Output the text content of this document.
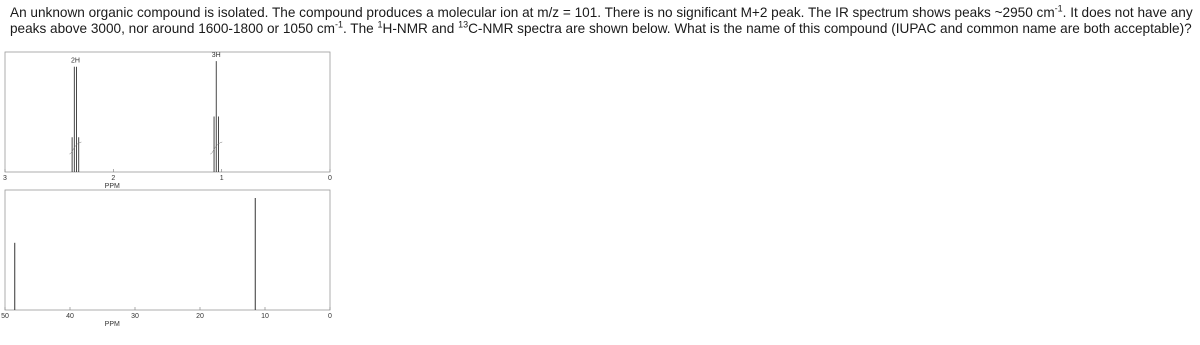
An unknown organic compound is isolated. The compound produces a molecular ion at m/z = 101. There is no significant M+2 peak. The IR spectrum shows peaks ~2950 $cm^{-1}$. It does not have any peaks above 3000, nor around 1600-1800 or 1050 $cm^{-1}$. The $^1$H-NMR and $^{13}$C-NMR spectra are shown below. What is the name of this compound (IUPAC and common name are both acceptable)?
3	2	1	0
PPM
2H
3H
50	40	30	20	10	0
PPM
